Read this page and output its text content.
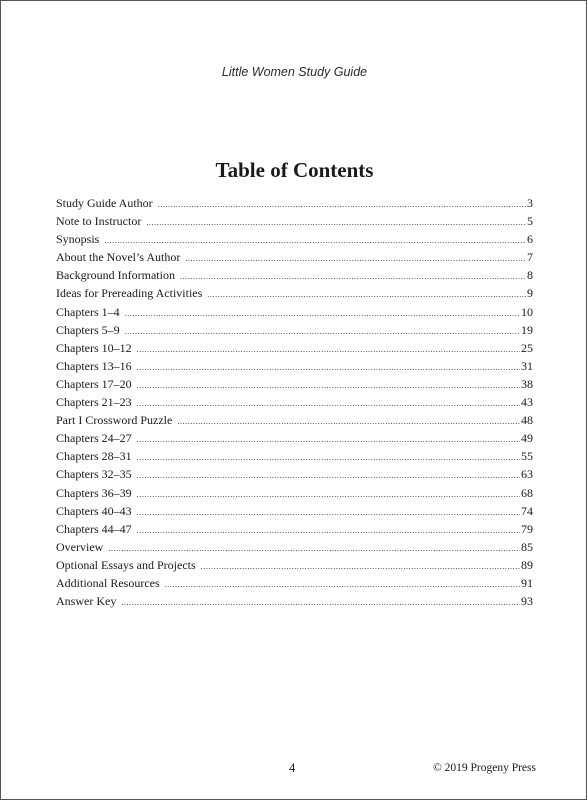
Little Women Study Guide
Table of Contents
Study Guide Author .....	3
Note to Instructor .....	5
Synopsis .....	6
About the Novel’s Author .....	7
Background Information .....	8
Ideas for Prereading Activities .....	9
Chapters 1–4 .....	10
Chapters 5–9 .....	19
Chapters 10–12 .....	25
Chapters 13–16 .....	31
Chapters 17–20 .....	38
Chapters 21–23 .....	43
Part I Crossword Puzzle .....	48
Chapters 24–27 .....	49
Chapters 28–31 .....	55
Chapters 32–35 .....	63
Chapters 36–39 .....	68
Chapters 40–43 .....	74
Chapters 44–47 .....	79
Overview .....	85
Optional Essays and Projects .....	89
Additional Resources .....	91
Answer Key .....	93
4	© 2019 Progeny Press
